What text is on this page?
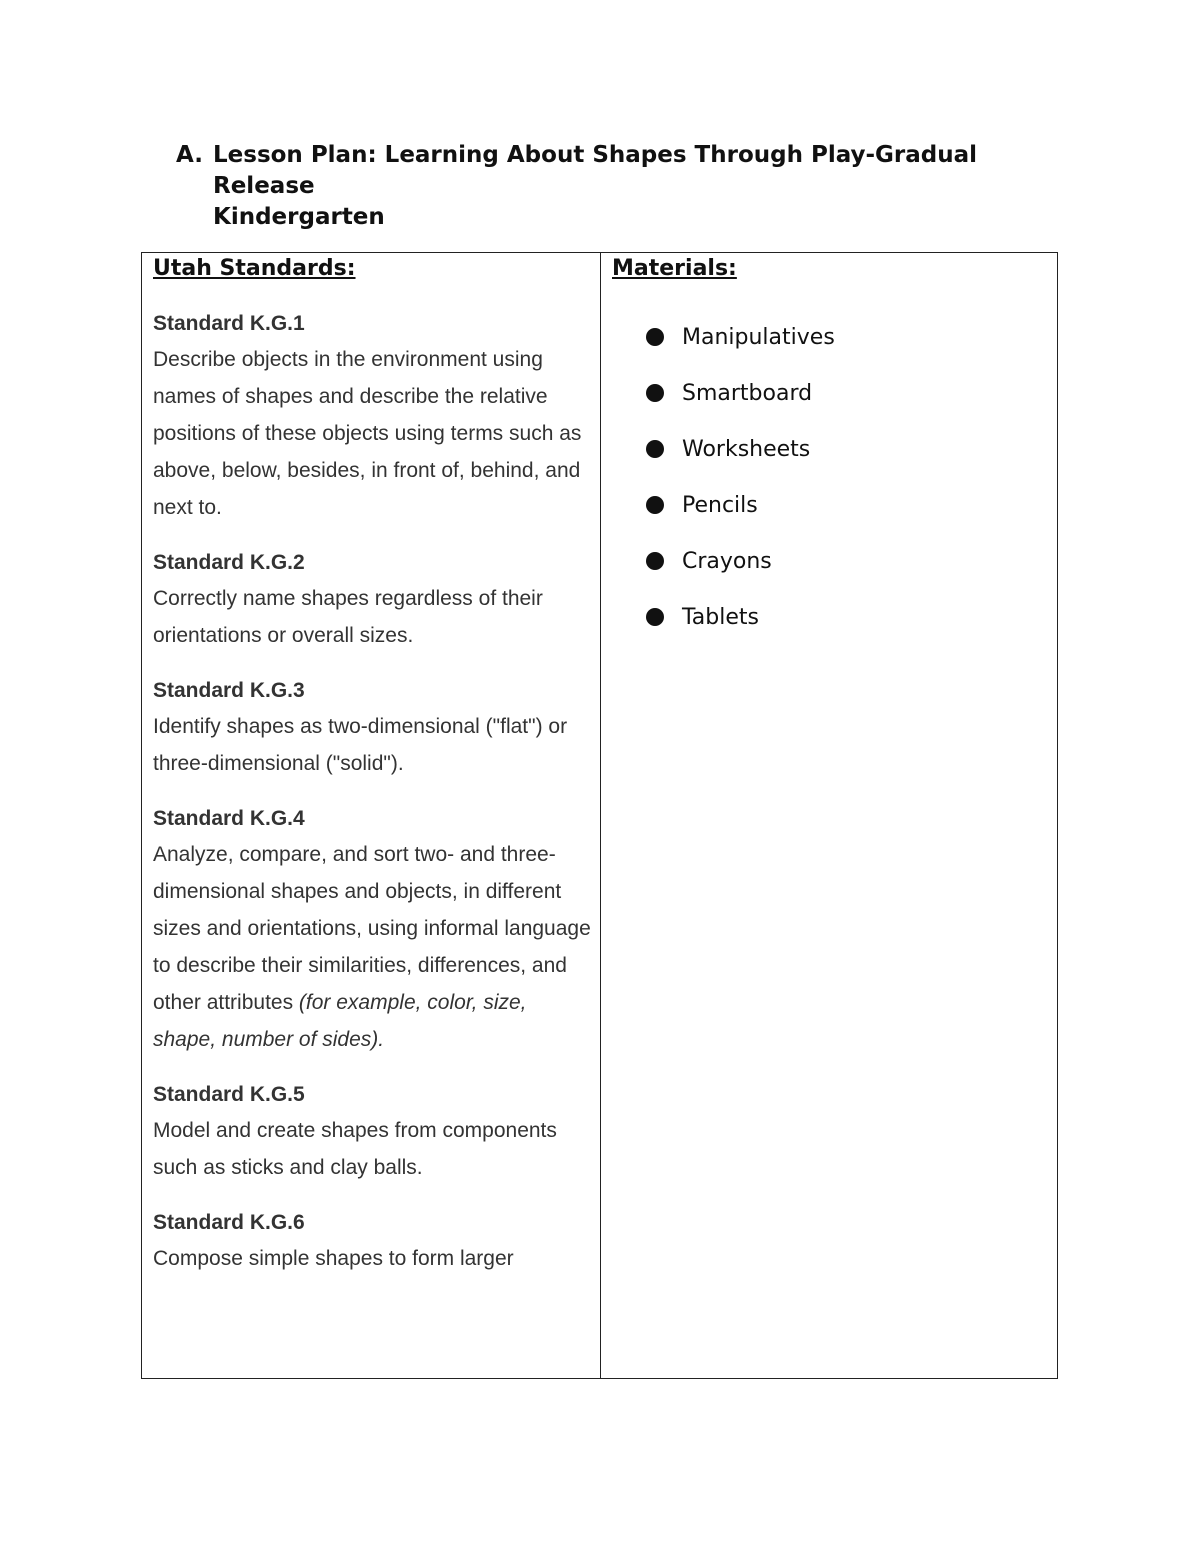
A. Lesson Plan: Learning About Shapes Through Play-Gradual
Release
Kindergarten

Utah Standards:

Standard K.G.1
Describe objects in the environment using names of shapes and describe the relative positions of these objects using terms such as above, below, besides, in front of, behind, and next to.
Standard K.G.2
Correctly name shapes regardless of their orientations or overall sizes.
Standard K.G.3
Identify shapes as two-dimensional ("flat") or three-dimensional ("solid").
Standard K.G.4
Analyze, compare, and sort two- and three-dimensional shapes and objects, in different sizes and orientations, using informal language to describe their similarities, differences, and other attributes (for example, color, size, shape, number of sides).
Standard K.G.5
Model and create shapes from components such as sticks and clay balls.
Standard K.G.6
Compose simple shapes to form larger

Materials:

Manipulatives
Smartboard
Worksheets
Pencils
Crayons
Tablets
